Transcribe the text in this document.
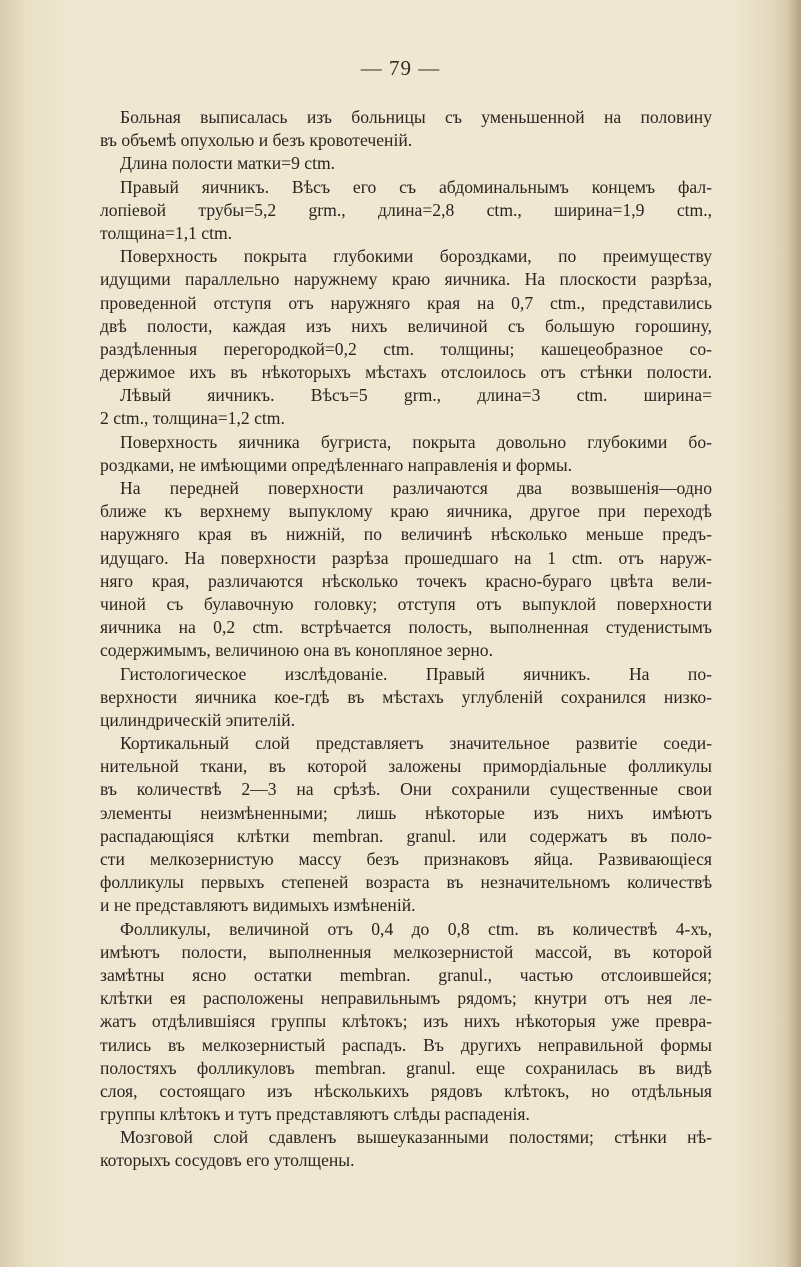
— 79 —
Больная выписалась изъ больницы съ уменьшенной на половину
въ объемѣ опухолью и безъ кровотеченій.
Длина полости матки=9 ctm.
Правый яичникъ. Вѣсъ его съ абдоминальнымъ концемъ фал-
лопіевой трубы=5,2 grm., длина=2,8 ctm., ширина=1,9 ctm.,
толщина=1,1 ctm.
Поверхность покрыта глубокими бороздками, по преимуществу
идущими параллельно наружнему краю яичника. На плоскости разрѣза,
проведенной отступя отъ наружняго края на 0,7 ctm., представились
двѣ полости, каждая изъ нихъ величиной съ большую горошину,
раздѣленныя перегородкой=0,2 ctm. толщины; кашецеобразное со-
держимое ихъ въ нѣкоторыхъ мѣстахъ отслоилось отъ стѣнки полости.
Лѣвый яичникъ. Вѣсъ=5 grm., длина=3 ctm. ширина=
2 ctm., толщина=1,2 ctm.
Поверхность яичника бугриста, покрыта довольно глубокими бо-
роздками, не имѣющими опредѣленнаго направленія и формы.
На передней поверхности различаются два возвышенія—одно
ближе къ верхнему выпуклому краю яичника, другое при переходѣ
наружняго края въ нижній, по величинѣ нѣсколько меньше предъ-
идущаго. На поверхности разрѣза прошедшаго на 1 ctm. отъ наруж-
няго края, различаются нѣсколько точекъ красно-бураго цвѣта вели-
чиной съ булавочную головку; отступя отъ выпуклой поверхности
яичника на 0,2 ctm. встрѣчается полость, выполненная студенистымъ
содержимымъ, величиною она въ конопляное зерно.
Гистологическое изслѣдованіе. Правый яичникъ. На по-
верхности яичника кое-гдѣ въ мѣстахъ углубленій сохранился низко-
цилиндрическій эпителій.
Кортикальный слой представляетъ значительное развитіе соеди-
нительной ткани, въ которой заложены примордіальные фолликулы
въ количествѣ 2—3 на срѣзѣ. Они сохранили существенные свои
элементы неизмѣненными; лишь нѣкоторые изъ нихъ имѣютъ
распадающіяся клѣтки membran. granul. или содержатъ въ поло-
сти мелкозернистую массу безъ признаковъ яйца. Развивающіеся
фолликулы первыхъ степеней возраста въ незначительномъ количествѣ
и не представляютъ видимыхъ измѣненій.
Фолликулы, величиной отъ 0,4 до 0,8 ctm. въ количествѣ 4-хъ,
имѣютъ полости, выполненныя мелкозернистой массой, въ которой
замѣтны ясно остатки membran. granul., частью отслоившейся;
клѣтки ея расположены неправильнымъ рядомъ; кнутри отъ нея ле-
жатъ отдѣлившіяся группы клѣтокъ; изъ нихъ нѣкоторыя уже превра-
тились въ мелкозернистый распадъ. Въ другихъ неправильной формы
полостяхъ фолликуловъ membran. granul. еще сохранилась въ видѣ
слоя, состоящаго изъ нѣсколькихъ рядовъ клѣтокъ, но отдѣльныя
группы клѣтокъ и тутъ представляютъ слѣды распаденія.
Мозговой слой сдавленъ вышеуказанными полостями; стѣнки нѣ-
которыхъ сосудовъ его утолщены.
